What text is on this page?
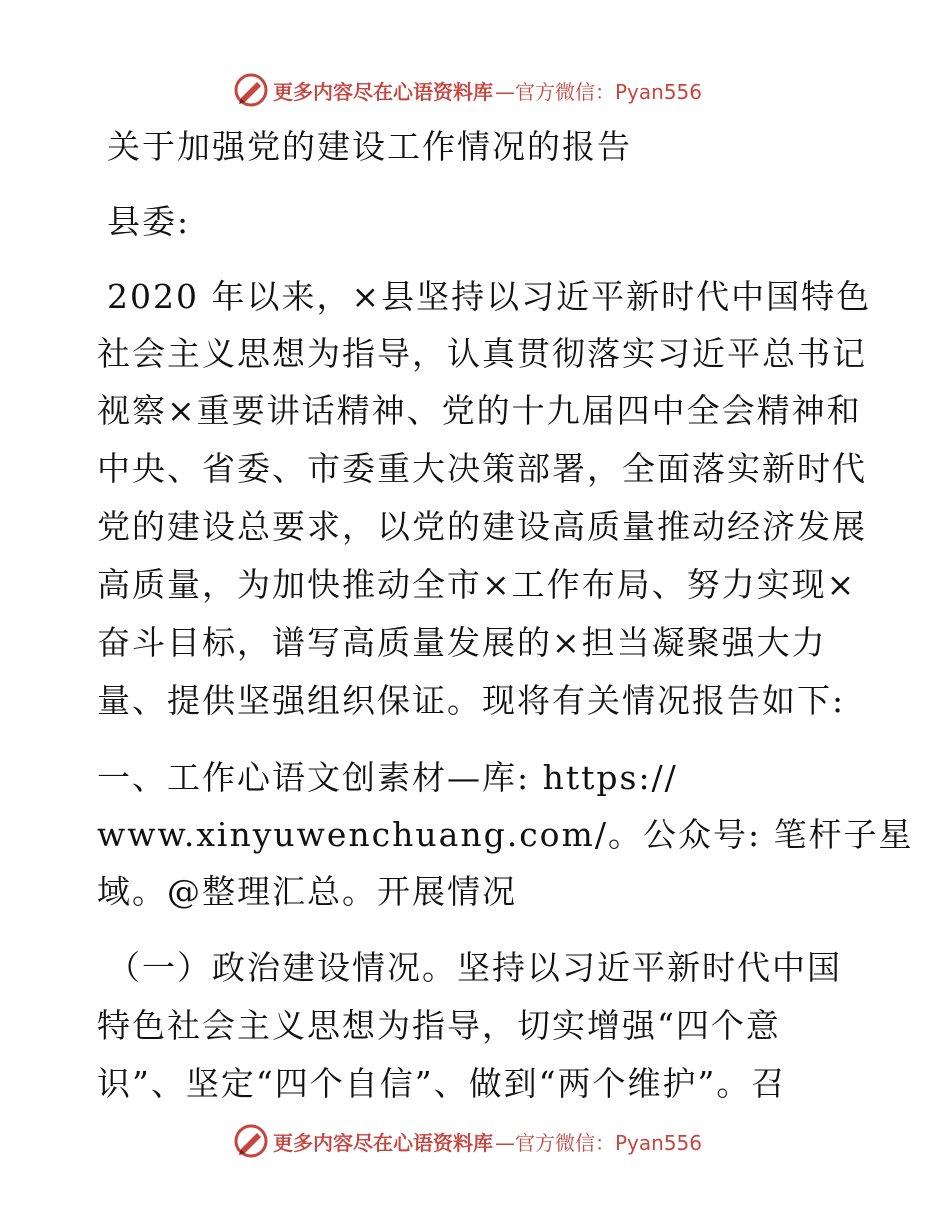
更多内容尽在心语资料库 —官方微信：Pyan556
关于加强党的建设工作情况的报告
县委:
2020 年以来，×县坚持以习近平新时代中国特色
社会主义思想为指导，认真贯彻落实习近平总书记
视察×重要讲话精神、党的十九届四中全会精神和
中央、省委、市委重大决策部署，全面落实新时代
党的建设总要求，以党的建设高质量推动经济发展
高质量，为加快推动全市×工作布局、努力实现×
奋斗目标，谱写高质量发展的×担当凝聚强大力
量、提供坚强组织保证。现将有关情况报告如下:
一、工作心语文创素材—库: https://
www.xinyuwenchuang.com/。公众号: 笔杆子星
域。@整理汇总。开展情况
（一）政治建设情况。坚持以习近平新时代中国
特色社会主义思想为指导，切实增强“四个意
识”、坚定“四个自信”、做到“两个维护”。召
更多内容尽在心语资料库 —官方微信：Pyan556
